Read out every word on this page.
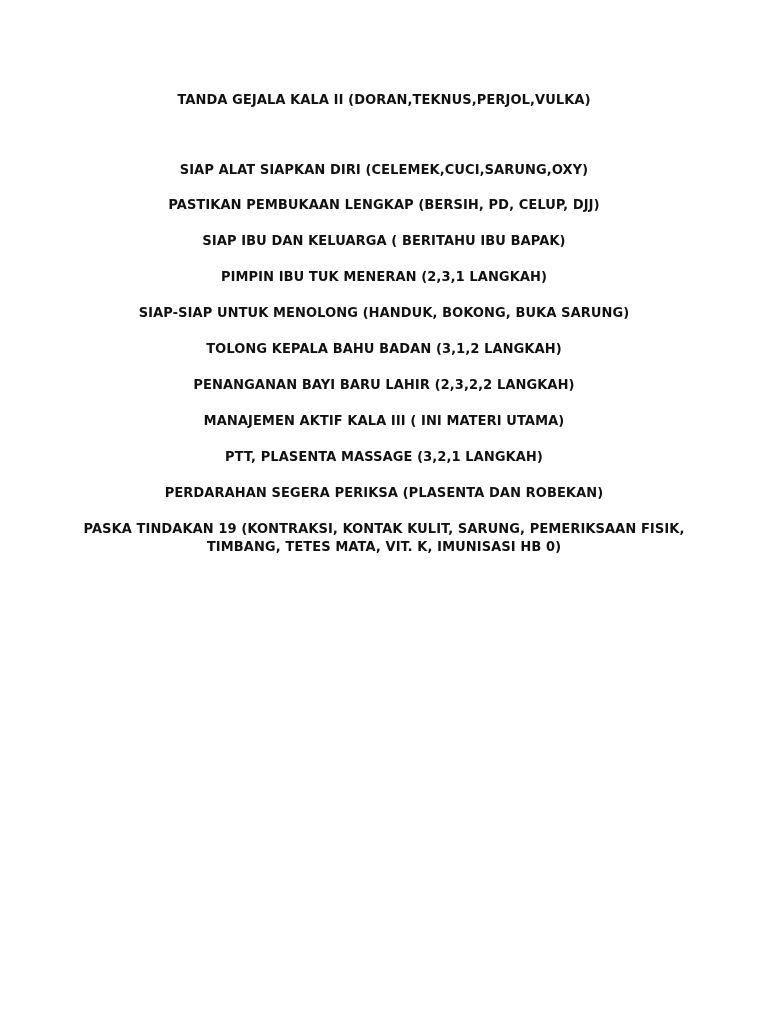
TANDA GEJALA KALA II (DORAN,TEKNUS,PERJOL,VULKA)
SIAP ALAT SIAPKAN DIRI (CELEMEK,CUCI,SARUNG,OXY)
PASTIKAN PEMBUKAAN LENGKAP (BERSIH, PD, CELUP, DJJ)
SIAP IBU DAN KELUARGA ( BERITAHU IBU BAPAK)
PIMPIN IBU TUK MENERAN (2,3,1 LANGKAH)
SIAP-SIAP UNTUK MENOLONG (HANDUK, BOKONG, BUKA SARUNG)
TOLONG KEPALA BAHU BADAN (3,1,2 LANGKAH)
PENANGANAN BAYI BARU LAHIR (2,3,2,2 LANGKAH)
MANAJEMEN AKTIF KALA III ( INI MATERI UTAMA)
PTT, PLASENTA MASSAGE (3,2,1 LANGKAH)
PERDARAHAN SEGERA PERIKSA (PLASENTA DAN ROBEKAN)
PASKA TINDAKAN 19 (KONTRAKSI, KONTAK KULIT, SARUNG, PEMERIKSAAN FISIK,
TIMBANG, TETES MATA, VIT. K, IMUNISASI HB 0)
